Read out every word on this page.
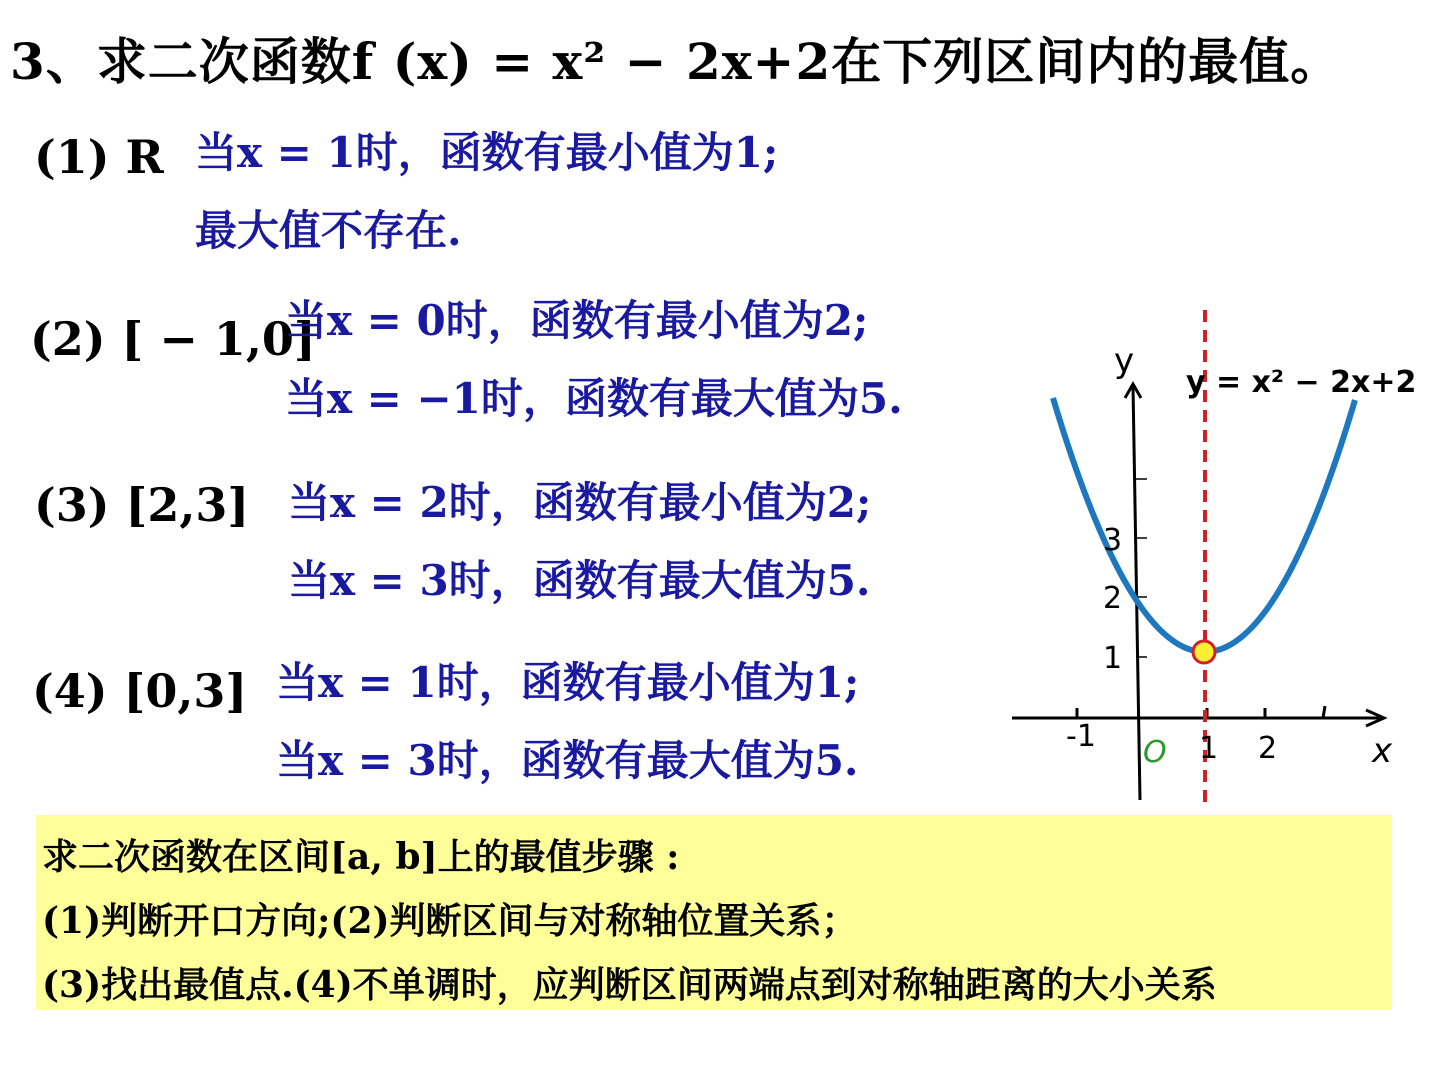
3、求二次函数f (x) = x² − 2x+2在下列区间内的最值。
(1) R 当x = 1时，函数有最小值为1;
最大值不存在.
(2) [ − 1,0]
当x = 0时，函数有最小值为2;
当x = −1时，函数有最大值为5.
(3) [2,3] 当x = 2时，函数有最小值为2;
当x = 3时，函数有最大值为5.
(4) [0,3] 当x = 1时，函数有最小值为1;
当x = 3时，函数有最大值为5.
y
x
O
y = x² − 2x+2
-1	1 2
1
2
3
求二次函数在区间[a, b]上的最值步骤 :
(1)判断开口方向;(2)判断区间与对称轴位置关系；
(3)找出最值点.(4)不单调时，应判断区间两端点到对称轴距离的大小关系
